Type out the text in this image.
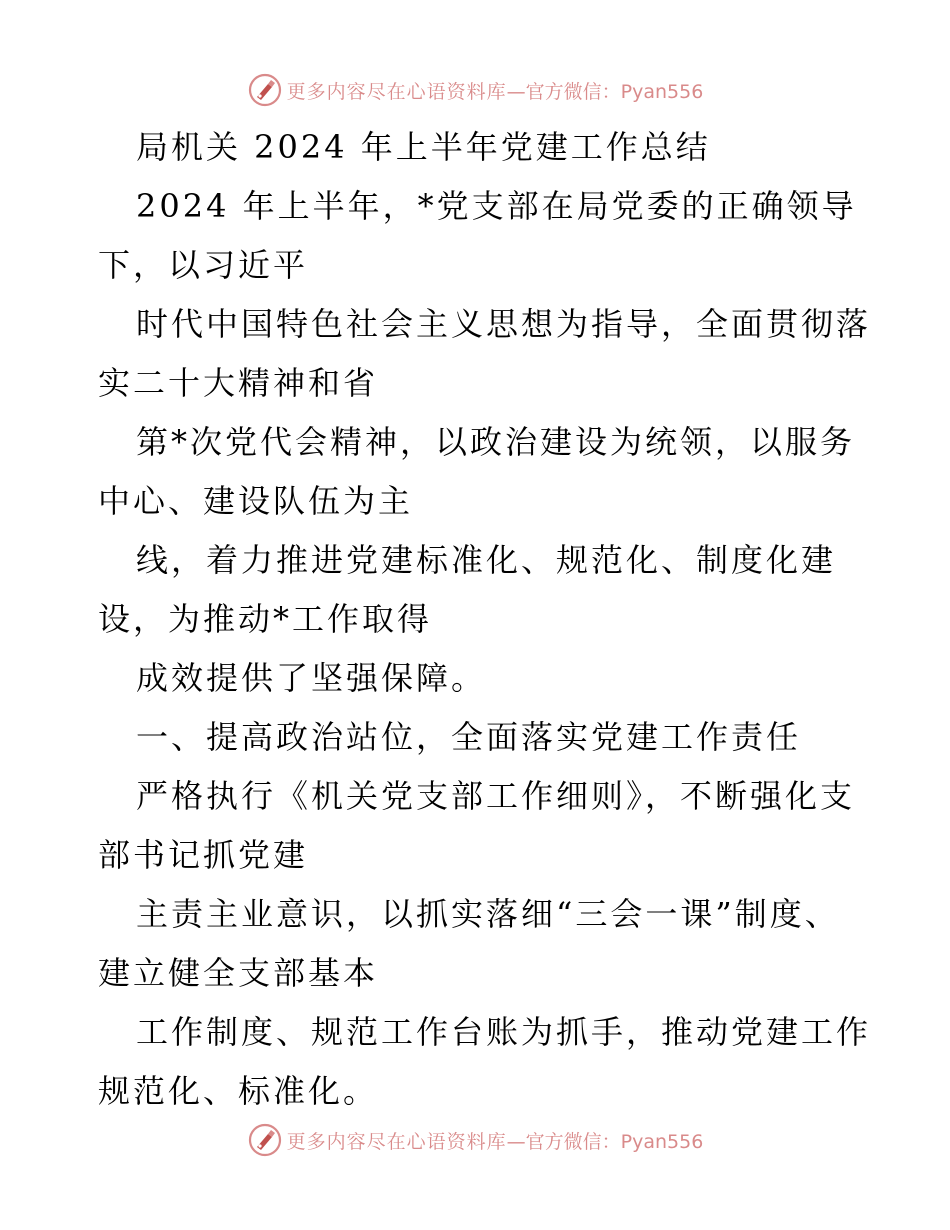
更多内容尽在心语资料库 —官方微信：Pyan556
局机关 2024 年上半年党建工作总结
2024 年上半年，*党支部在局党委的正确领导
下，以习近平
时代中国特色社会主义思想为指导，全面贯彻落
实二十大精神和省
第*次党代会精神，以政治建设为统领，以服务
中心、建设队伍为主
线，着力推进党建标准化、规范化、制度化建
设，为推动*工作取得
成效提供了坚强保障。
一、提高政治站位，全面落实党建工作责任
严格执行《机关党支部工作细则》，不断强化支
部书记抓党建
主责主业意识，以抓实落细“三会一课”制度、
建立健全支部基本
工作制度、规范工作台账为抓手，推动党建工作
规范化、标准化。
更多内容尽在心语资料库 —官方微信：Pyan556
